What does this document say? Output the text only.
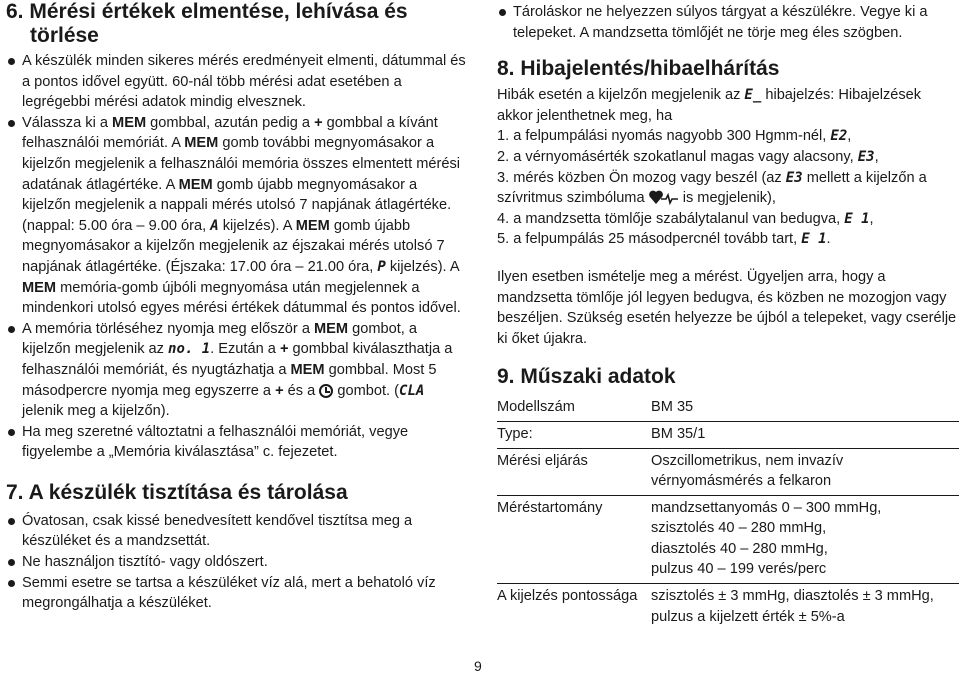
6. Mérési értékek elmentése, lehívása és
törlése
A készülék minden sikeres mérés eredményeit elmenti, dátummal és a pontos idővel együtt. 60-nál több mérési adat esetében a legrégebbi mérési adatok mindig elvesznek.
Válassza ki a MEM gombbal, azután pedig a + gombbal a kívánt felhasználói memóriát. A MEM gomb további megnyomásakor a kijelzőn megjelenik a felhasználói memória összes elmentett mérési adatának átlagértéke. A MEM gomb újabb megnyomásakor a kijelzőn megjelenik a nappali mérés utolsó 7 napjának átlagértéke. (nappal: 5.00 óra – 9.00 óra, A kijelzés). A MEM gomb újabb megnyomásakor a kijelzőn megjelenik az éjszakai mérés utolsó 7 napjának átlagértéke. (Éjszaka: 17.00 óra – 21.00 óra, P kijelzés). A MEM memória-gomb újbóli megnyomása után megjelennek a mindenkori utolsó egyes mérési értékek dátummal és pontos idővel.
A memória törléséhez nyomja meg először a MEM gombot, a kijelzőn megjelenik az no. 1. Ezután a + gombbal kiválaszthatja a felhasználói memóriát, és nyugtázhatja a MEM gombbal. Most 5 másodpercre nyomja meg egyszerre a + és a  gombot. (CLA jelenik meg a kijelzőn).
Ha meg szeretné változtatni a felhasználói memóriát, vegye figyelembe a „Memória kiválasztása” c. fejezetet.
7. A készülék tisztítása és tárolása
Óvatosan, csak kissé benedvesített kendővel tisztítsa meg a készüléket és a mandzsettát.
Ne használjon tisztító- vagy oldószert.
Semmi esetre se tartsa a készüléket víz alá, mert a behatoló víz megrongálhatja a készüléket.
Tároláskor ne helyezzen súlyos tárgyat a készülékre. Vegye ki a telepeket. A mandzsetta tömlőjét ne törje meg éles szögben.
8. Hibajelentés/hibaelhárítás

Hibák esetén a kijelzőn megjelenik az E_ hibajelzés: Hibajelzések akkor jelenthetnek meg, ha

1. a felpumpálási nyomás nagyobb 300 Hgmm-nél, E2,
2. a vérnyomásérték szokatlanul magas vagy alacsony, E3,
3. mérés közben Ön mozog vagy beszél (az E3 mellett a kijelzőn a szívritmus szimbóluma  is megjelenik),
4. a mandzsetta tömlője szabálytalanul van bedugva, E 1,
5. a felpumpálás 25 másodpercnél tovább tart, E 1.

Ilyen esetben ismételje meg a mérést. Ügyeljen arra, hogy a mandzsetta tömlője jól legyen bedugva, és közben ne mozogjon vagy beszéljen. Szükség esetén helyezze be újból a telepeket, vagy cserélje ki őket újakra.

9. Műszaki adatok
Modellszám	BM 35
Type:	BM 35/1
Mérési eljárás	Oszcillometrikus, nem invazív vérnyomásmérés a felkaron
Méréstartomány	mandzsettanyomás 0 – 300 mmHg,
szisztolés 40 – 280 mmHg,
diasztolés 40 – 280 mmHg,
pulzus 40 – 199 verés/perc

A kijelzés pontossága	szisztolés ± 3 mmHg, diasztolés ± 3 mmHg, pulzus a kijelzett érték ± 5%-a
9
